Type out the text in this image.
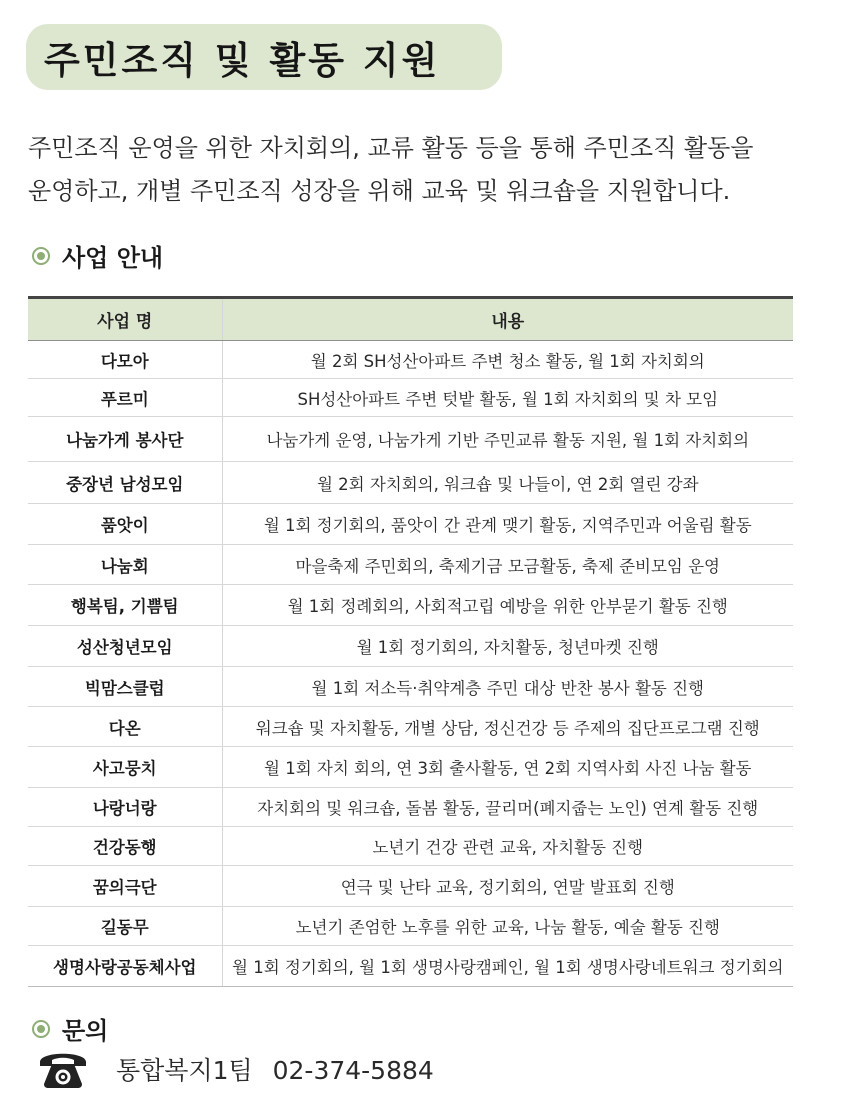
주민조직 및 활동 지원

주민조직 운영을 위한 자치회의, 교류 활동 등을 통해 주민조직 활동을

운영하고, 개별 주민조직 성장을 위해 교육 및 워크숍을 지원합니다.

사업 안내
사업 명	내용
다모아	월 2회 SH성산아파트 주변 청소 활동, 월 1회 자치회의
푸르미	SH성산아파트 주변 텃밭 활동, 월 1회 자치회의 및 차 모임
나눔가게 봉사단	나눔가게 운영, 나눔가게 기반 주민교류 활동 지원, 월 1회 자치회의
중장년 남성모임	월 2회 자치회의, 워크숍 및 나들이, 연 2회 열린 강좌
품앗이	월 1회 정기회의, 품앗이 간 관계 맺기 활동, 지역주민과 어울림 활동
나눔회	마을축제 주민회의, 축제기금 모금활동, 축제 준비모임 운영
행복팀, 기쁨팀	월 1회 정례회의, 사회적고립 예방을 위한 안부묻기 활동 진행
성산청년모임	월 1회 정기회의, 자치활동, 청년마켓 진행
빅맘스클럽	월 1회 저소득·취약계층 주민 대상 반찬 봉사 활동 진행
다온	워크숍 및 자치활동, 개별 상담, 정신건강 등 주제의 집단프로그램 진행
사고뭉치	월 1회 자치 회의, 연 3회 출사활동, 연 2회 지역사회 사진 나눔 활동
나랑너랑	자치회의 및 워크숍, 돌봄 활동, 끌리머(폐지줍는 노인) 연계 활동 진행
건강동행	노년기 건강 관련 교육, 자치활동 진행
꿈의극단	연극 및 난타 교육, 정기회의, 연말 발표회 진행
길동무	노년기 존엄한 노후를 위한 교육, 나눔 활동, 예술 활동 진행
생명사랑공동체사업	월 1회 정기회의, 월 1회 생명사랑캠페인, 월 1회 생명사랑네트워크 정기회의
문의
통합복지1팀 02-374-5884
